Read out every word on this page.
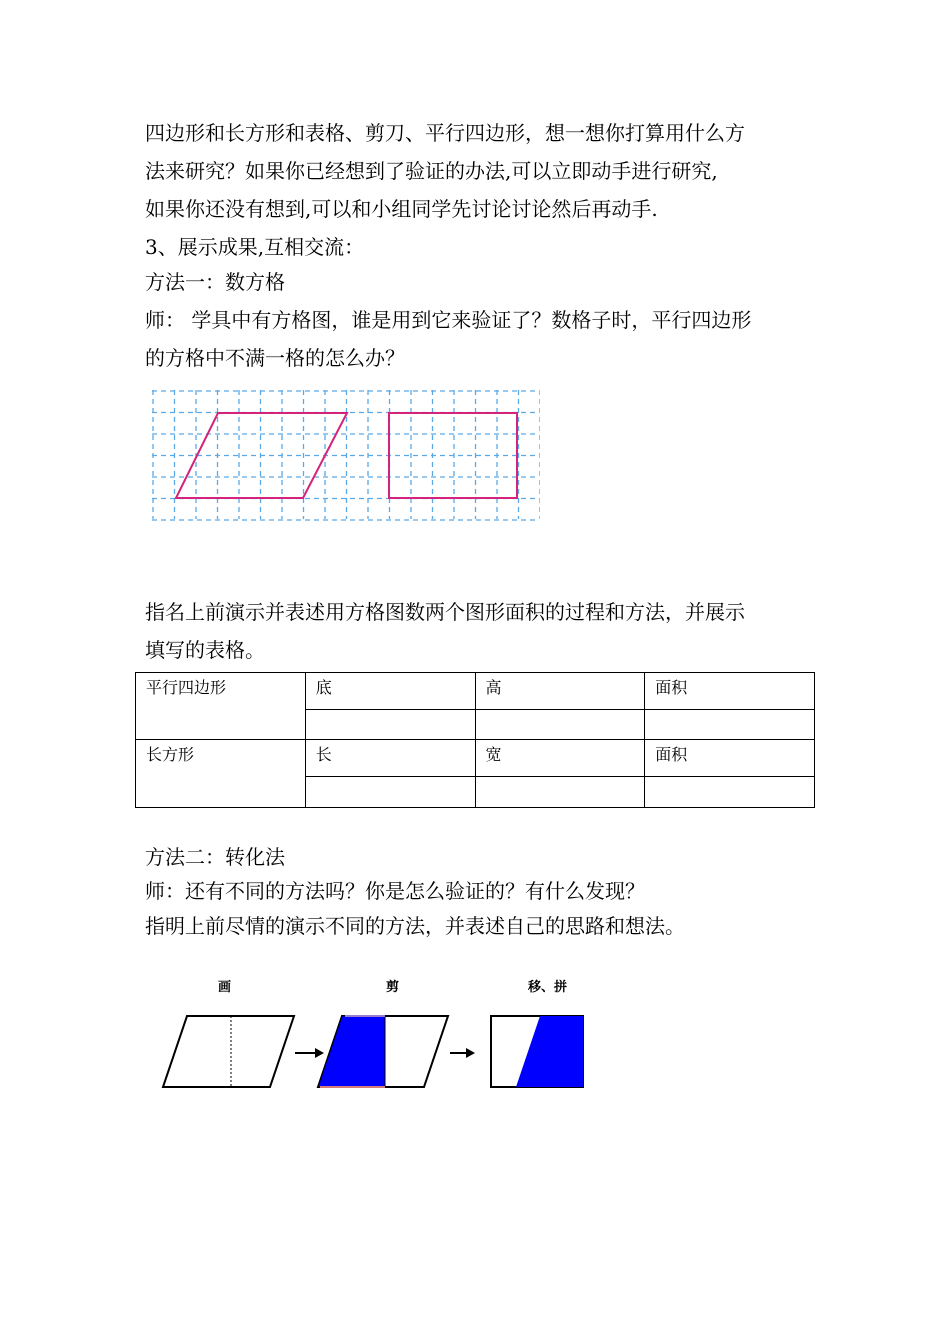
四边形和长方形和表格、剪刀、平行四边形，想一想你打算用什么方
法来研究？如果你已经想到了验证的办法,可以立即动手进行研究,
如果你还没有想到,可以和小组同学先讨论讨论然后再动手.
3、展示成果,互相交流：
方法一：数方格
师： 学具中有方格图，谁是用到它来验证了？数格子时，平行四边形
的方格中不满一格的怎么办？
指名上前演示并表述用方格图数两个图形面积的过程和方法，并展示
填写的表格。
平行四边形	底	高	面积

长方形	长	宽	面积

方法二：转化法
师：还有不同的方法吗？你是怎么验证的？有什么发现？
指明上前尽情的演示不同的方法，并表述自己的思路和想法。
画	剪	移、拼
